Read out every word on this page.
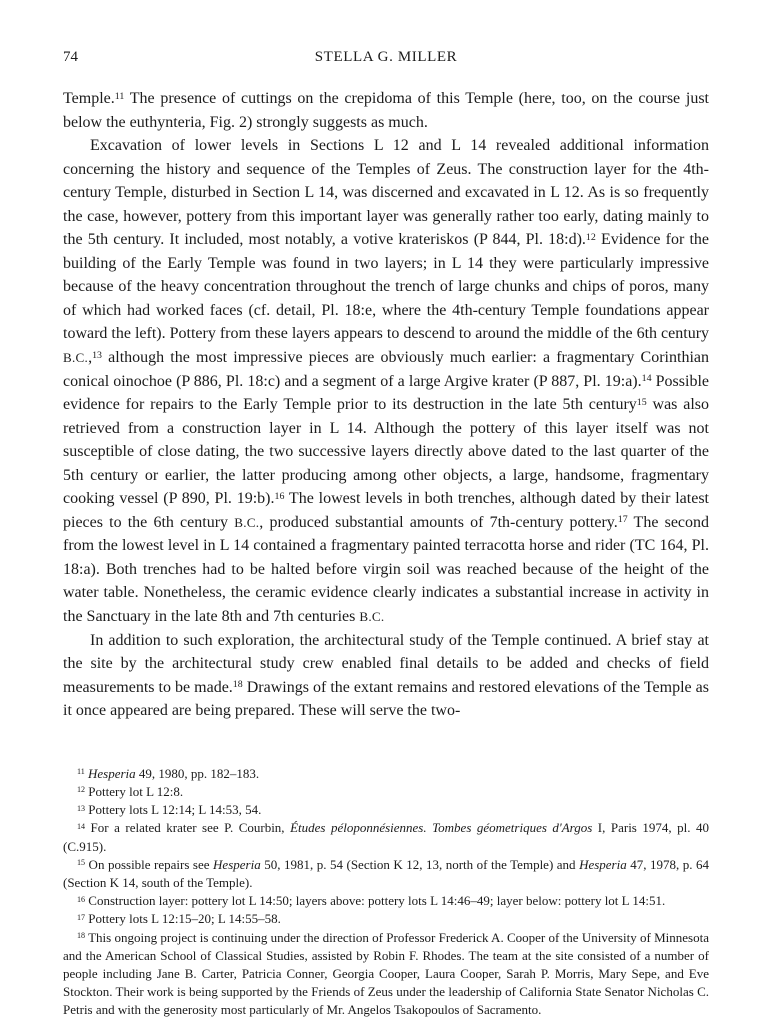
74	STELLA G. MILLER

Temple.$^{11}$ The presence of cuttings on the crepidoma of this Temple (here, too, on the course just below the euthynteria, Fig. 2) strongly suggests as much.

Excavation of lower levels in Sections L 12 and L 14 revealed additional information concerning the history and sequence of the Temples of Zeus. The construction layer for the 4th-century Temple, disturbed in Section L 14, was discerned and excavated in L 12. As is so frequently the case, however, pottery from this important layer was generally rather too early, dating mainly to the 5th century. It included, most notably, a votive krateriskos (P 844, Pl. 18:d).$^{12}$ Evidence for the building of the Early Temple was found in two layers; in L 14 they were particularly impressive because of the heavy concentration throughout the trench of large chunks and chips of poros, many of which had worked faces (cf. detail, Pl. 18:e, where the 4th-century Temple foundations appear toward the left). Pottery from these layers appears to descend to around the middle of the 6th century B.C.,$^{13}$ although the most impressive pieces are obviously much earlier: a fragmentary Corinthian conical oinochoe (P 886, Pl. 18:c) and a segment of a large Argive krater (P 887, Pl. 19:a).$^{14}$ Possible evidence for repairs to the Early Temple prior to its destruction in the late 5th century$^{15}$ was also retrieved from a construction layer in L 14. Although the pottery of this layer itself was not susceptible of close dating, the two successive layers directly above dated to the last quarter of the 5th century or earlier, the latter producing among other objects, a large, handsome, fragmentary cooking vessel (P 890, Pl. 19:b).$^{16}$ The lowest levels in both trenches, although dated by their latest pieces to the 6th century B.C., produced substantial amounts of 7th-century pottery.$^{17}$ The second from the lowest level in L 14 contained a fragmentary painted terracotta horse and rider (TC 164, Pl. 18:a). Both trenches had to be halted before virgin soil was reached because of the height of the water table. Nonetheless, the ceramic evidence clearly indicates a substantial increase in activity in the Sanctuary in the late 8th and 7th centuries B.C.

In addition to such exploration, the architectural study of the Temple continued. A brief stay at the site by the architectural study crew enabled final details to be added and checks of field measurements to be made.$^{18}$ Drawings of the extant remains and restored elevations of the Temple as it once appeared are being prepared. These will serve the two-

$^{11}$ Hesperia 49, 1980, pp. 182–183.

$^{12}$ Pottery lot L 12:8.

$^{13}$ Pottery lots L 12:14; L 14:53, 54.

$^{14}$ For a related krater see P. Courbin, Études péloponnésiennes. Tombes géometriques d'Argos I, Paris 1974, pl. 40 (C.915).

$^{15}$ On possible repairs see Hesperia 50, 1981, p. 54 (Section K 12, 13, north of the Temple) and Hesperia 47, 1978, p. 64 (Section K 14, south of the Temple).

$^{16}$ Construction layer: pottery lot L 14:50; layers above: pottery lots L 14:46–49; layer below: pottery lot L 14:51.

$^{17}$ Pottery lots L 12:15–20; L 14:55–58.

$^{18}$ This ongoing project is continuing under the direction of Professor Frederick A. Cooper of the University of Minnesota and the American School of Classical Studies, assisted by Robin F. Rhodes. The team at the site consisted of a number of people including Jane B. Carter, Patricia Conner, Georgia Cooper, Laura Cooper, Sarah P. Morris, Mary Sepe, and Eve Stockton. Their work is being supported by the Friends of Zeus under the leadership of California State Senator Nicholas C. Petris and with the generosity most particularly of Mr. Angelos Tsakopoulos of Sacramento.
